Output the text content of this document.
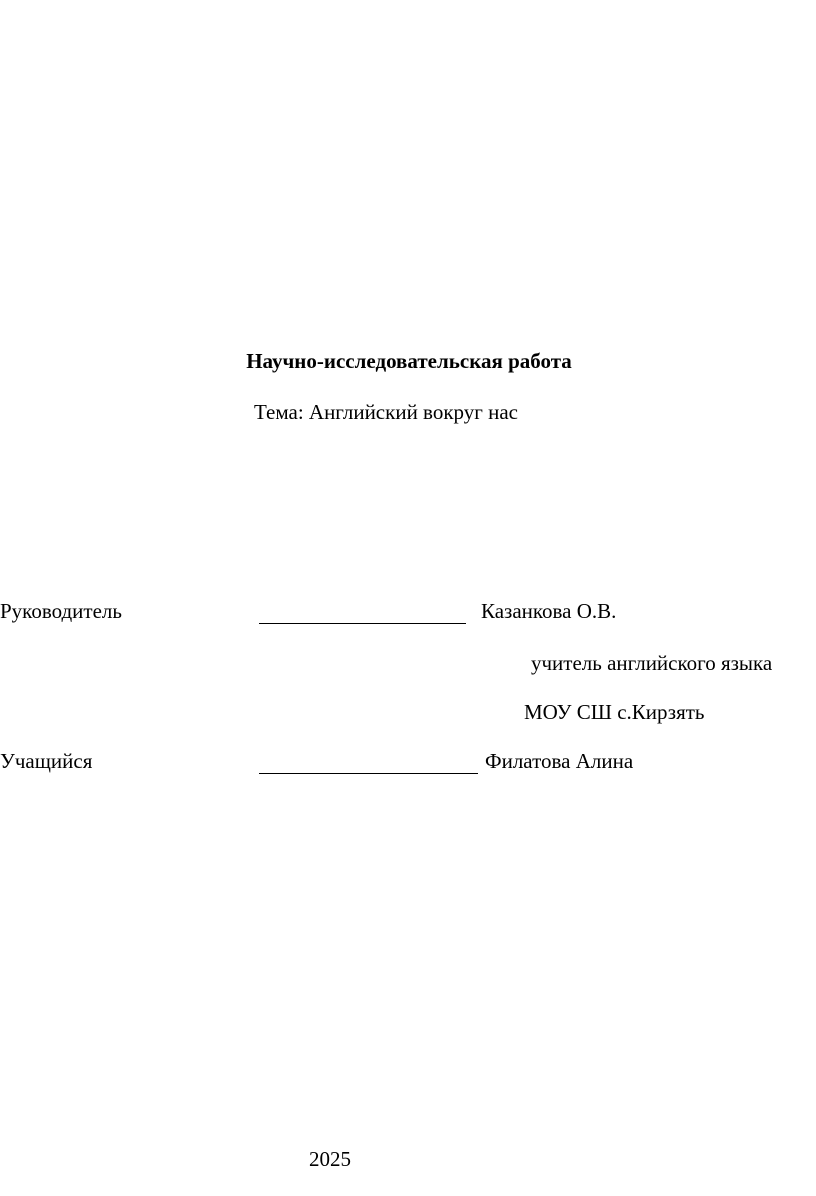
Научно-исследовательская работа
Тема: Английский вокруг нас
Руководитель	Казанкова О.В.
учитель английского языка
МОУ СШ с.Кирзять
Учащийся	Филатова Алина
2025
